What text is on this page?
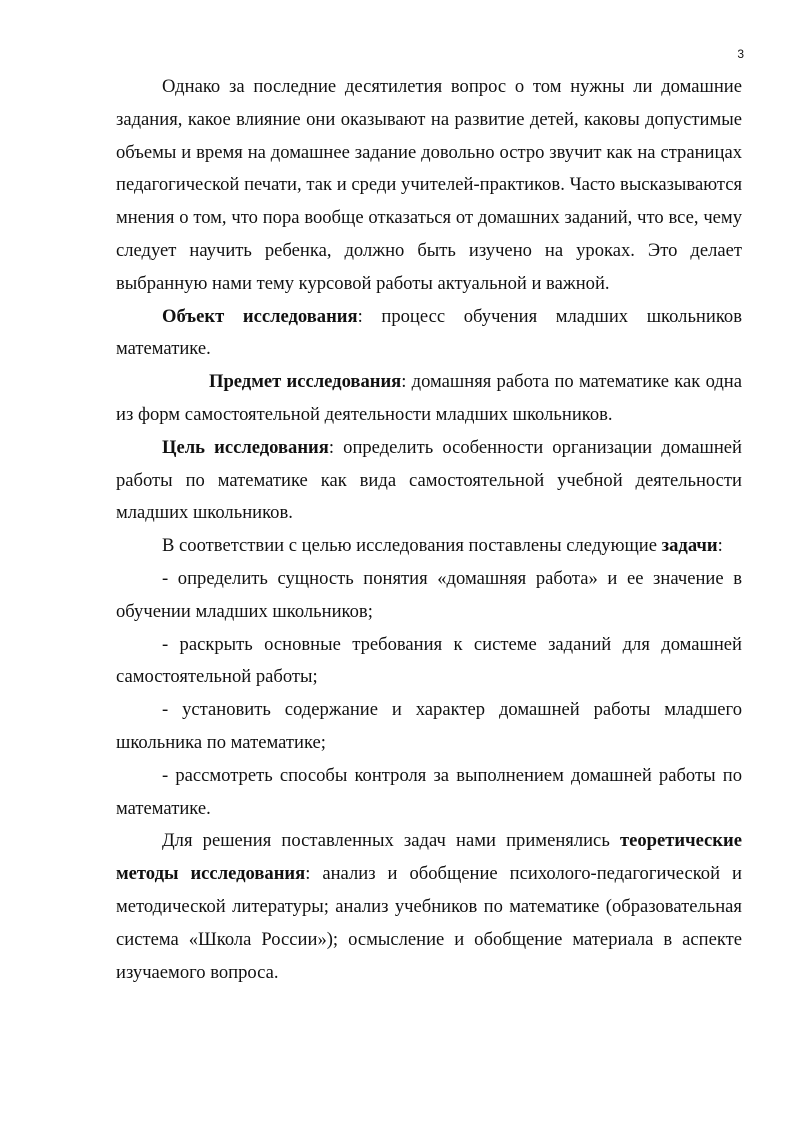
3

Однако за последние десятилетия вопрос о том нужны ли домашние задания, какое влияние они оказывают на развитие детей, каковы допустимые объемы и время на домашнее задание довольно остро звучит как на страницах педагогической печати, так и среди учителей-практиков. Часто высказываются мнения о том, что пора вообще отказаться от домашних заданий, что все, чему следует научить ребенка, должно быть изучено на уроках. Это делает выбранную нами тему курсовой работы актуальной и важной.

Объект исследования: процесс обучения младших школьников математике.

Предмет исследования: домашняя работа по математике как одна из форм самостоятельной деятельности младших школьников.

Цель исследования: определить особенности организации домашней работы по математике как вида самостоятельной учебной деятельности младших школьников.

В соответствии с целью исследования поставлены следующие задачи:

- определить сущность понятия «домашняя работа» и ее значение в обучении младших школьников;

- раскрыть основные требования к системе заданий для домашней самостоятельной работы;

- установить содержание и характер домашней работы младшего школьника по математике;

- рассмотреть способы контроля за выполнением домашней работы по математике.

Для решения поставленных задач нами применялись теоретические методы исследования: анализ и обобщение психолого-педагогической и методической литературы; анализ учебников по математике (образовательная система «Школа России»); осмысление и обобщение материала в аспекте изучаемого вопроса.
